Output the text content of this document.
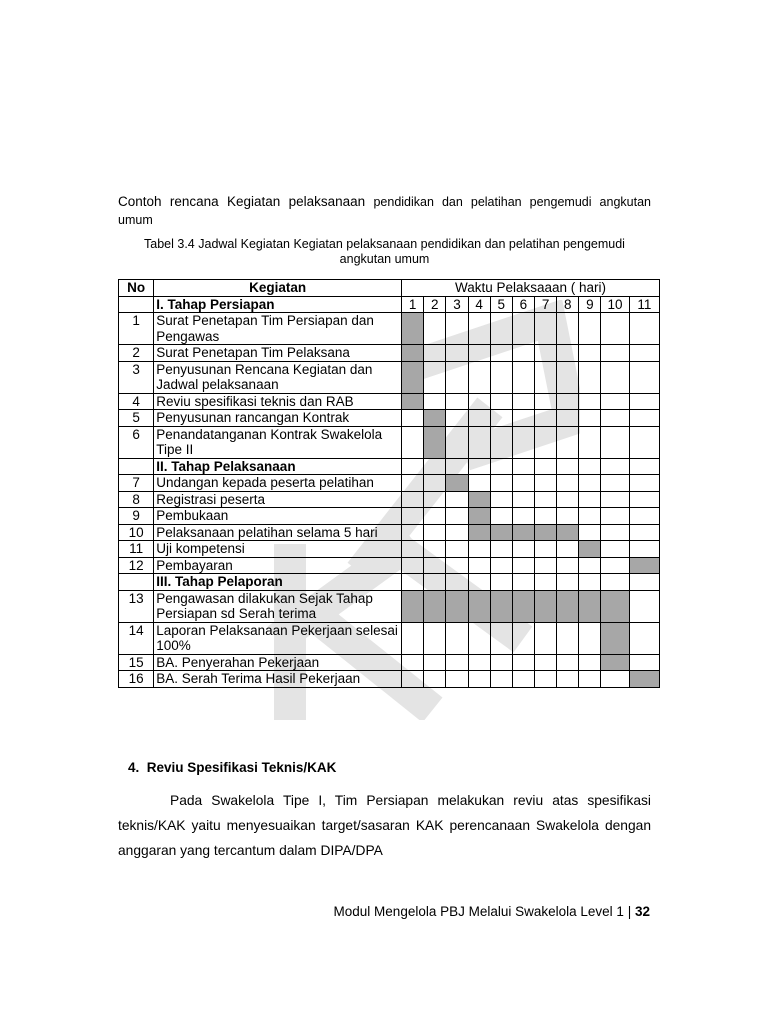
Contoh rencana Kegiatan pelaksanaan pendidikan dan pelatihan pengemudi angkutan umum
Tabel 3.4 Jadwal Kegiatan Kegiatan pelaksanaan pendidikan dan pelatihan pengemudi angkutan umum
No	Kegiatan	Waktu Pelaksaaan ( hari)										
	I. Tahap Persiapan	1	2	3	4	5	6	7	8	9	10	11
1	Surat Penetapan Tim Persiapan dan Pengawas											
2	Surat Penetapan Tim Pelaksana											
3	Penyusunan Rencana Kegiatan dan Jadwal pelaksanaan											
4	Reviu spesifikasi teknis dan RAB											
5	Penyusunan rancangan Kontrak											
6	Penandatanganan Kontrak Swakelola Tipe II											
	II. Tahap Pelaksanaan											
7	Undangan kepada peserta pelatihan											
8	Registrasi peserta											
9	Pembukaan											
10	Pelaksanaan pelatihan selama 5 hari											
11	Uji kompetensi											
12	Pembayaran											
	III. Tahap Pelaporan											
13	Pengawasan dilakukan Sejak Tahap Persiapan sd Serah terima											
14	Laporan Pelaksanaan Pekerjaan selesai 100%											
15	BA. Penyerahan Pekerjaan											
16	BA. Serah Terima Hasil Pekerjaan											
4. Reviu Spesifikasi Teknis/KAK
Pada Swakelola Tipe I, Tim Persiapan melakukan reviu atas spesifikasi teknis/KAK yaitu menyesuaikan target/sasaran KAK perencanaan Swakelola dengan anggaran yang tercantum dalam DIPA/DPA
Modul Mengelola PBJ Melalui Swakelola Level 1 | 32
